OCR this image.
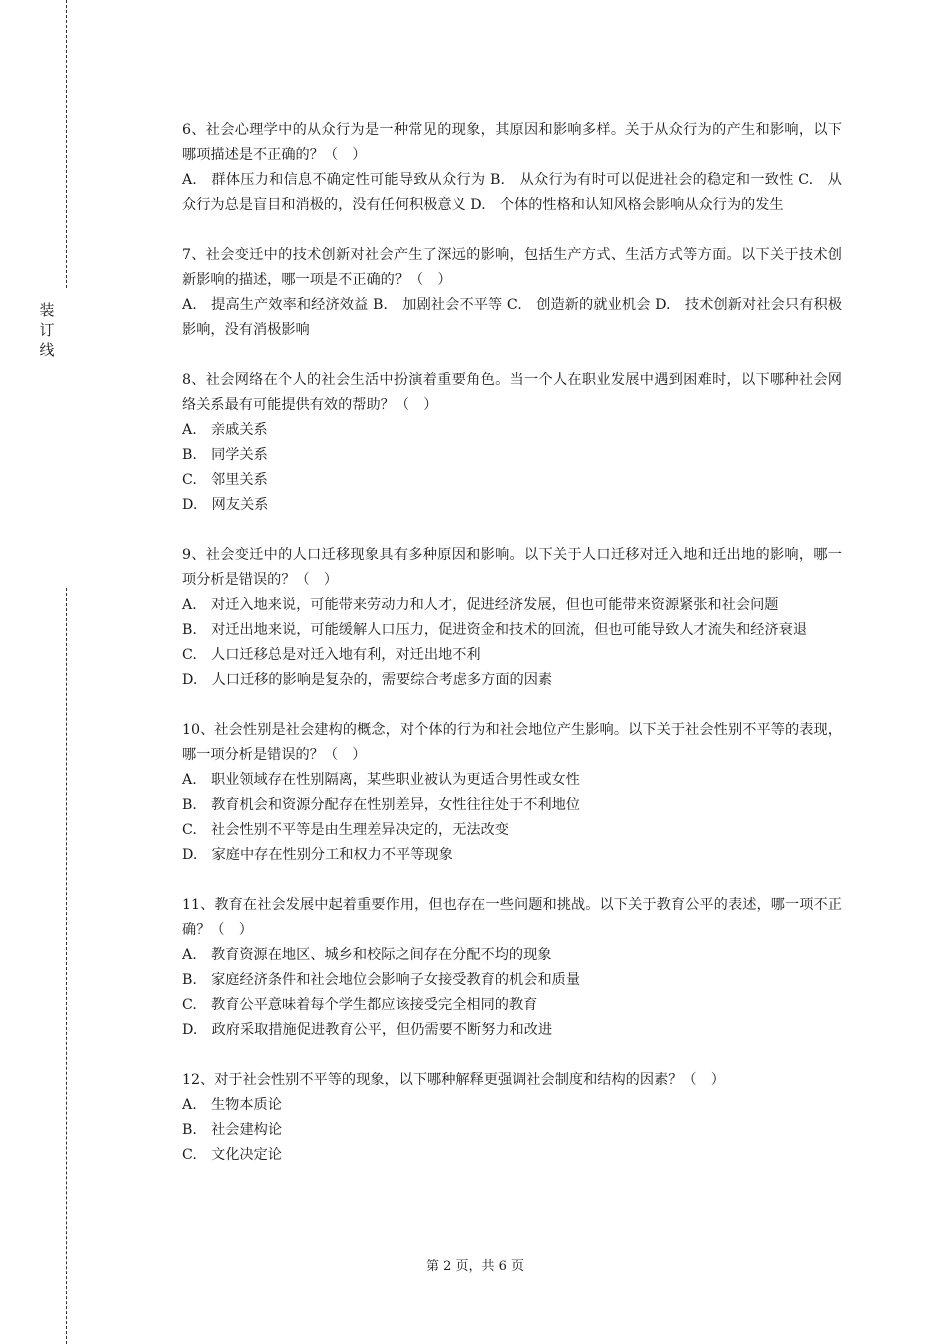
装
订
线

6、社会心理学中的从众行为是一种常见的现象，其原因和影响多样。关于从众行为的产生和影响，以下哪项描述是不正确的？（　）

A.　群体压力和信息不确定性可能导致从众行为 B.　从众行为有时可以促进社会的稳定和一致性 C.　从众行为总是盲目和消极的，没有任何积极意义 D.　个体的性格和认知风格会影响从众行为的发生

7、社会变迁中的技术创新对社会产生了深远的影响，包括生产方式、生活方式等方面。以下关于技术创新影响的描述，哪一项是不正确的？（　）

A.　提高生产效率和经济效益 B.　加剧社会不平等 C.　创造新的就业机会 D.　技术创新对社会只有积极影响，没有消极影响

8、社会网络在个人的社会生活中扮演着重要角色。当一个人在职业发展中遇到困难时，以下哪种社会网络关系最有可能提供有效的帮助？（　）

A.　亲戚关系

B.　同学关系

C.　邻里关系

D.　网友关系

9、社会变迁中的人口迁移现象具有多种原因和影响。以下关于人口迁移对迁入地和迁出地的影响，哪一项分析是错误的？（　）

A.　对迁入地来说，可能带来劳动力和人才，促进经济发展，但也可能带来资源紧张和社会问题

B.　对迁出地来说，可能缓解人口压力，促进资金和技术的回流，但也可能导致人才流失和经济衰退

C.　人口迁移总是对迁入地有利，对迁出地不利

D.　人口迁移的影响是复杂的，需要综合考虑多方面的因素

10、社会性别是社会建构的概念，对个体的行为和社会地位产生影响。以下关于社会性别不平等的表现，哪一项分析是错误的？（　）

A.　职业领域存在性别隔离，某些职业被认为更适合男性或女性

B.　教育机会和资源分配存在性别差异，女性往往处于不利地位

C.　社会性别不平等是由生理差异决定的，无法改变

D.　家庭中存在性别分工和权力不平等现象

11、教育在社会发展中起着重要作用，但也存在一些问题和挑战。以下关于教育公平的表述，哪一项不正确？（　）

A.　教育资源在地区、城乡和校际之间存在分配不均的现象

B.　家庭经济条件和社会地位会影响子女接受教育的机会和质量

C.　教育公平意味着每个学生都应该接受完全相同的教育

D.　政府采取措施促进教育公平，但仍需要不断努力和改进

12、对于社会性别不平等的现象，以下哪种解释更强调社会制度和结构的因素？（　）

A.　生物本质论

B.　社会建构论

C.　文化决定论

第 2 页，共 6 页
